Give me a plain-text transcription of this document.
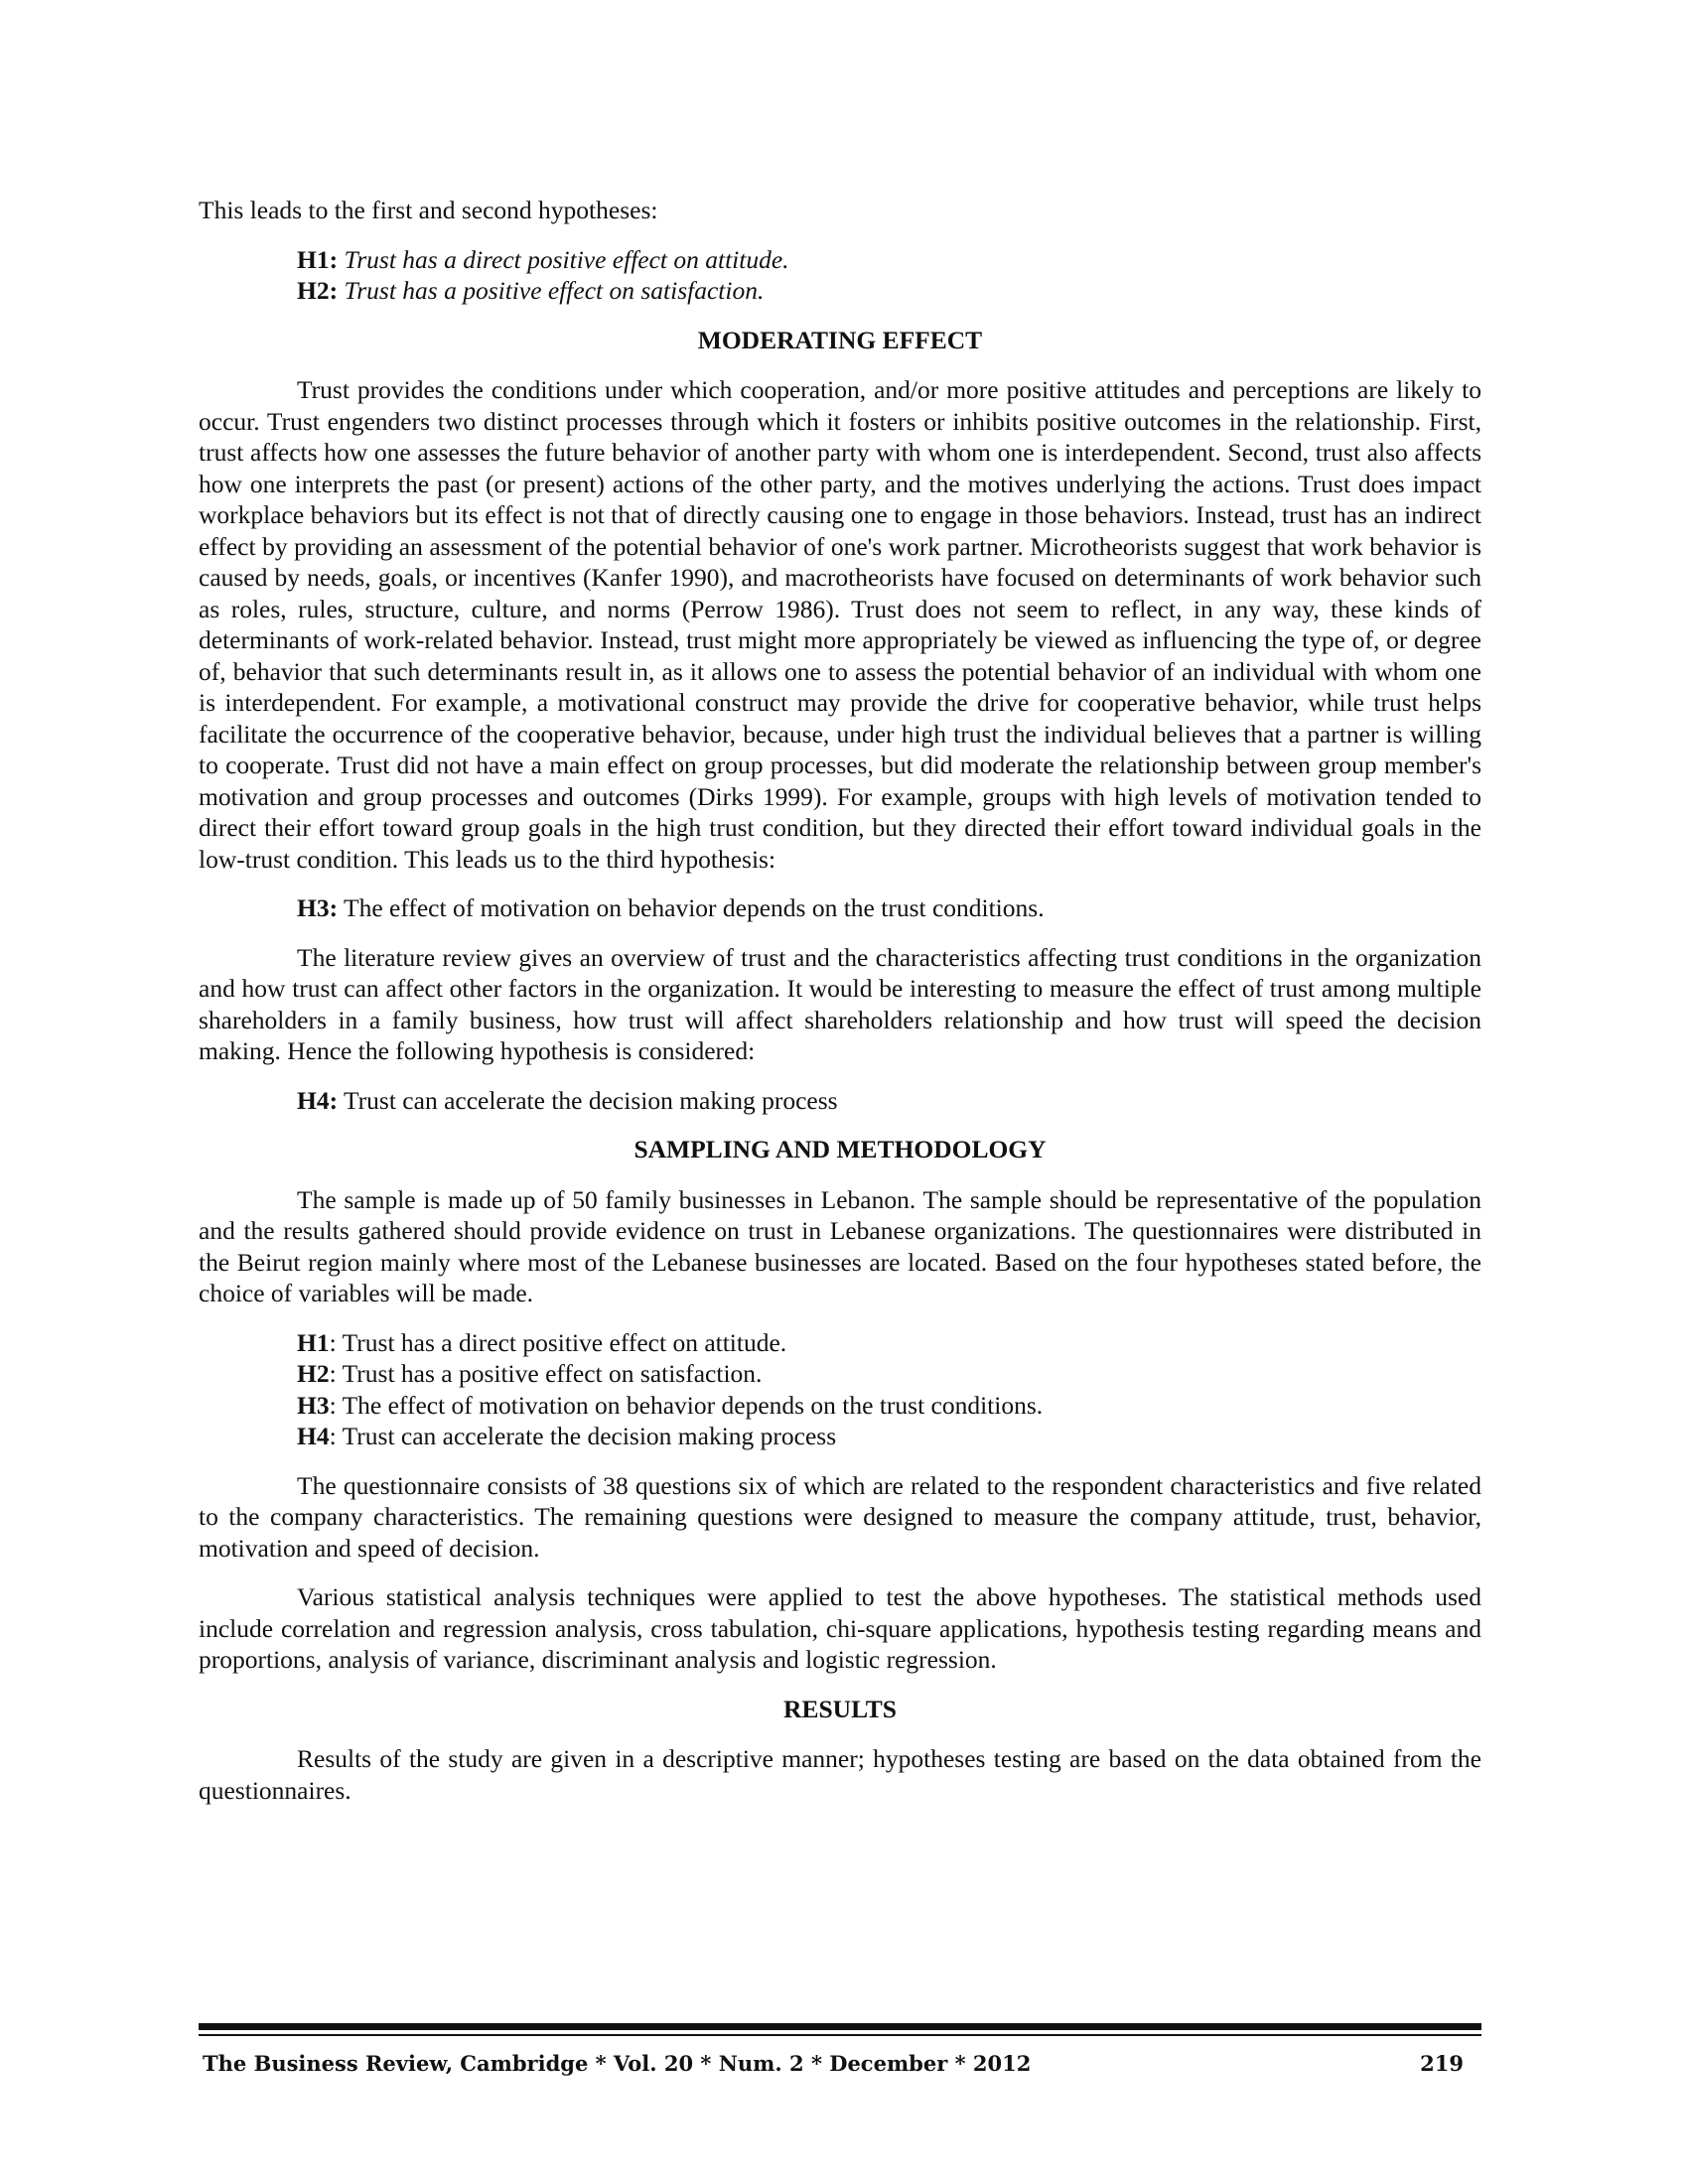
This leads to the first and second hypotheses:

H1: Trust has a direct positive effect on attitude.

H2: Trust has a positive effect on satisfaction.

MODERATING EFFECT

Trust provides the conditions under which cooperation, and/or more positive attitudes and perceptions are likely to occur. Trust engenders two distinct processes through which it fosters or inhibits positive outcomes in the relationship. First, trust affects how one assesses the future behavior of another party with whom one is interdependent. Second, trust also affects how one interprets the past (or present) actions of the other party, and the motives underlying the actions. Trust does impact workplace behaviors but its effect is not that of directly causing one to engage in those behaviors. Instead, trust has an indirect effect by providing an assessment of the potential behavior of one's work partner. Microtheorists suggest that work behavior is caused by needs, goals, or incentives (Kanfer 1990), and macrotheorists have focused on determinants of work behavior such as roles, rules, structure, culture, and norms (Perrow 1986). Trust does not seem to reflect, in any way, these kinds of determinants of work-related behavior. Instead, trust might more appropriately be viewed as influencing the type of, or degree of, behavior that such determinants result in, as it allows one to assess the potential behavior of an individual with whom one is interdependent. For example, a motivational construct may provide the drive for cooperative behavior, while trust helps facilitate the occurrence of the cooperative behavior, because, under high trust the individual believes that a partner is willing to cooperate. Trust did not have a main effect on group processes, but did moderate the relationship between group member's motivation and group processes and outcomes (Dirks 1999). For example, groups with high levels of motivation tended to direct their effort toward group goals in the high trust condition, but they directed their effort toward individual goals in the low-trust condition. This leads us to the third hypothesis:

H3: The effect of motivation on behavior depends on the trust conditions.

The literature review gives an overview of trust and the characteristics affecting trust conditions in the organization and how trust can affect other factors in the organization. It would be interesting to measure the effect of trust among multiple shareholders in a family business, how trust will affect shareholders relationship and how trust will speed the decision making. Hence the following hypothesis is considered:

H4: Trust can accelerate the decision making process

SAMPLING AND METHODOLOGY

The sample is made up of 50 family businesses in Lebanon. The sample should be representative of the population and the results gathered should provide evidence on trust in Lebanese organizations. The questionnaires were distributed in the Beirut region mainly where most of the Lebanese businesses are located. Based on the four hypotheses stated before, the choice of variables will be made.

H1: Trust has a direct positive effect on attitude.

H2: Trust has a positive effect on satisfaction.

H3: The effect of motivation on behavior depends on the trust conditions.

H4: Trust can accelerate the decision making process

The questionnaire consists of 38 questions six of which are related to the respondent characteristics and five related to the company characteristics. The remaining questions were designed to measure the company attitude, trust, behavior, motivation and speed of decision.

Various statistical analysis techniques were applied to test the above hypotheses. The statistical methods used include correlation and regression analysis, cross tabulation, chi-square applications, hypothesis testing regarding means and proportions, analysis of variance, discriminant analysis and logistic regression.

RESULTS

Results of the study are given in a descriptive manner; hypotheses testing are based on the data obtained from the questionnaires.

The Business Review, Cambridge * Vol. 20 * Num. 2 * December * 2012	219
